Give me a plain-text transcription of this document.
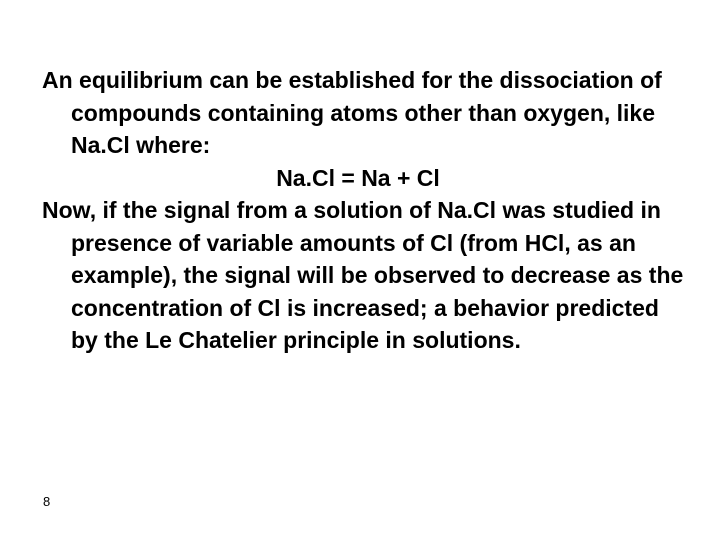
An equilibrium can be established for the dissociation of compounds containing atoms other than oxygen, like Na.Cl where:

Na.Cl = Na + Cl

Now, if the signal from a solution of Na.Cl was studied in presence of variable amounts of Cl (from HCl, as an example), the signal will be observed to decrease as the concentration of Cl is increased; a behavior predicted by the Le Chatelier principle in solutions.

8
